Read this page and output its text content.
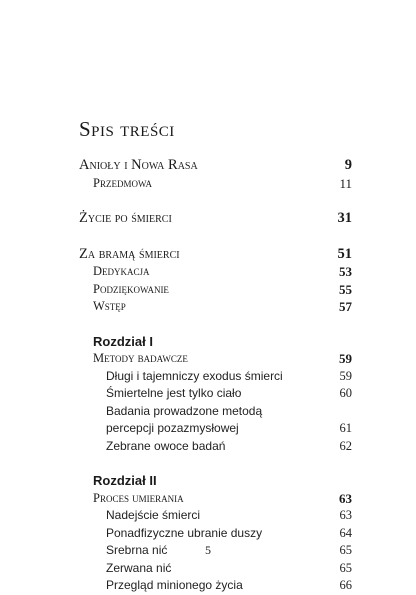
Spis treści
Anioły i Nowa Rasa	9
Przedmowa	11
Życie po śmierci	31
Za bramą śmierci	51
Dedykacja	53
Podziękowanie	55
Wstęp	57
Rozdział I
Metody badawcze	59
Długi i tajemniczy exodus śmierci	59
Śmiertelne jest tylko ciało	60
Badania prowadzone metodą
percepcji pozazmysłowej	61
Zebrane owoce badań	62
Rozdział II
Proces umierania	63
Nadejście śmierci	63
Ponadfizyczne ubranie duszy	64
Srebrna nić	65
Zerwana nić	65
Przegląd minionego życia	66
5
